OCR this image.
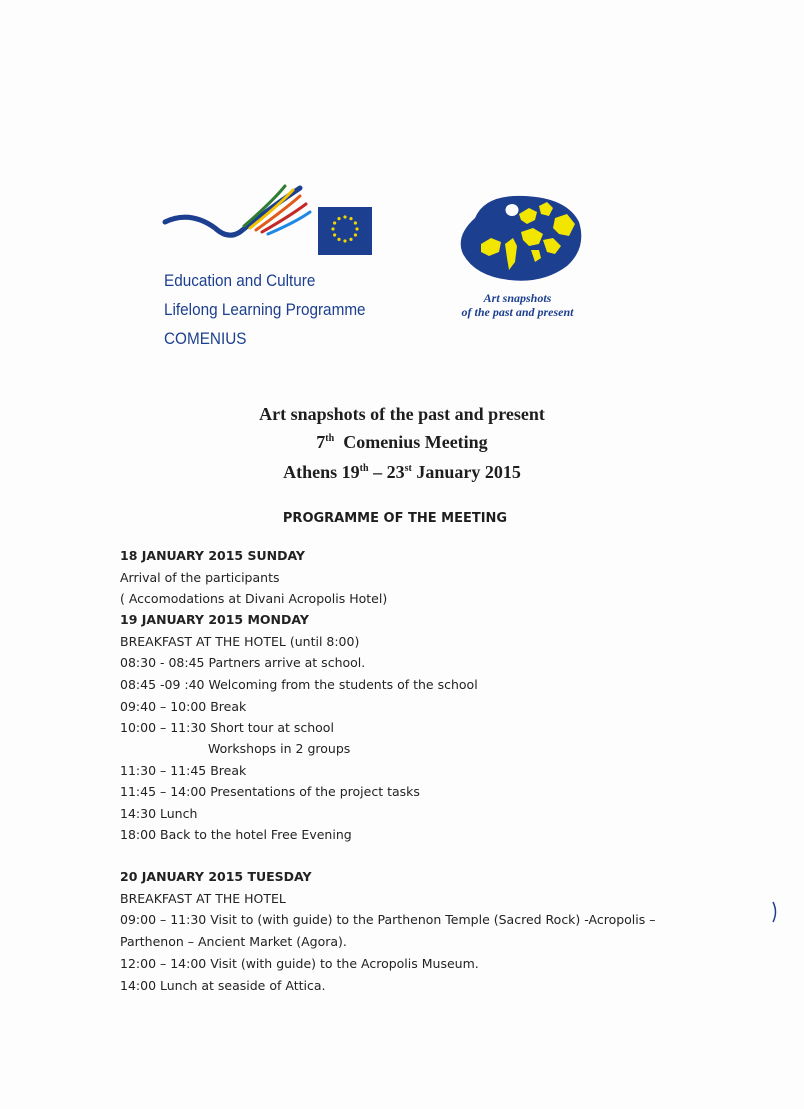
Education and Culture
Lifelong Learning Programme
COMENIUS
Art snapshots
of the past and present
Art snapshots of the past and present
7th Comenius Meeting
Athens 19th – 23st January 2015
PROGRAMME OF THE MEETING
18 JANUARY 2015 SUNDAY
Arrival of the participants
( Accomodations at Divani Acropolis Hotel)
19 JANUARY 2015 MONDAY
BREAKFAST AT THE HOTEL (until 8:00)
08:30 - 08:45 Partners arrive at school.
08:45 -09 :40 Welcoming from the students of the school
09:40 – 10:00 Break
10:00 – 11:30 Short tour at school
Workshops in 2 groups
11:30 – 11:45 Break
11:45 – 14:00 Presentations of the project tasks
14:30 Lunch
18:00 Back to the hotel Free Evening
20 JANUARY 2015 TUESDAY
BREAKFAST AT THE HOTEL
09:00 – 11:30 Visit to (with guide) to the Parthenon Temple (Sacred Rock) -Acropolis –
Parthenon – Ancient Market (Agora).
12:00 – 14:00 Visit (with guide) to the Acropolis Museum.
14:00 Lunch at seaside of Attica.
